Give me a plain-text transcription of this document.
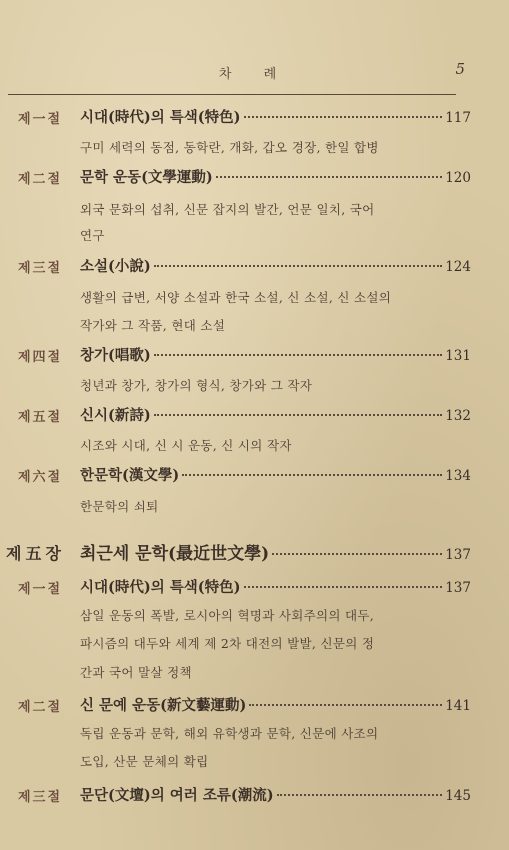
차 례	5
제一절 시대(時代)의 특색(特色)	117
구미 세력의 동점, 동학란, 개화, 갑오 경장, 한일 합병
제二절 문학 운동(文學運動)	120
외국 문화의 섭취, 신문 잡지의 발간, 언문 일치, 국어
연구
제三절 소설(小說)	124
생활의 급변, 서양 소설과 한국 소설, 신 소설, 신 소설의
작가와 그 작품, 현대 소설
제四절 창가(唱歌)	131
청년과 창가, 창가의 형식, 창가와 그 작자
제五절 신시(新詩)	132
시조와 시대, 신 시 운동, 신 시의 작자
제六절 한문학(漢文學)	134
한문학의 쇠퇴
제五장 최근세 문학(最近世文學)	137
제一절 시대(時代)의 특색(特色)	137
삼일 운동의 폭발, 로시아의 혁명과 사회주의의 대두,
파시즘의 대두와 세계 제 2차 대전의 발발, 신문의 정
간과 국어 말살 정책
제二절 신 문예 운동(新文藝運動)	141
독립 운동과 문학, 해외 유학생과 문학, 신문에 사조의
도입, 산문 문체의 확립
제三절 문단(文壇)의 여러 조류(潮流)	145
